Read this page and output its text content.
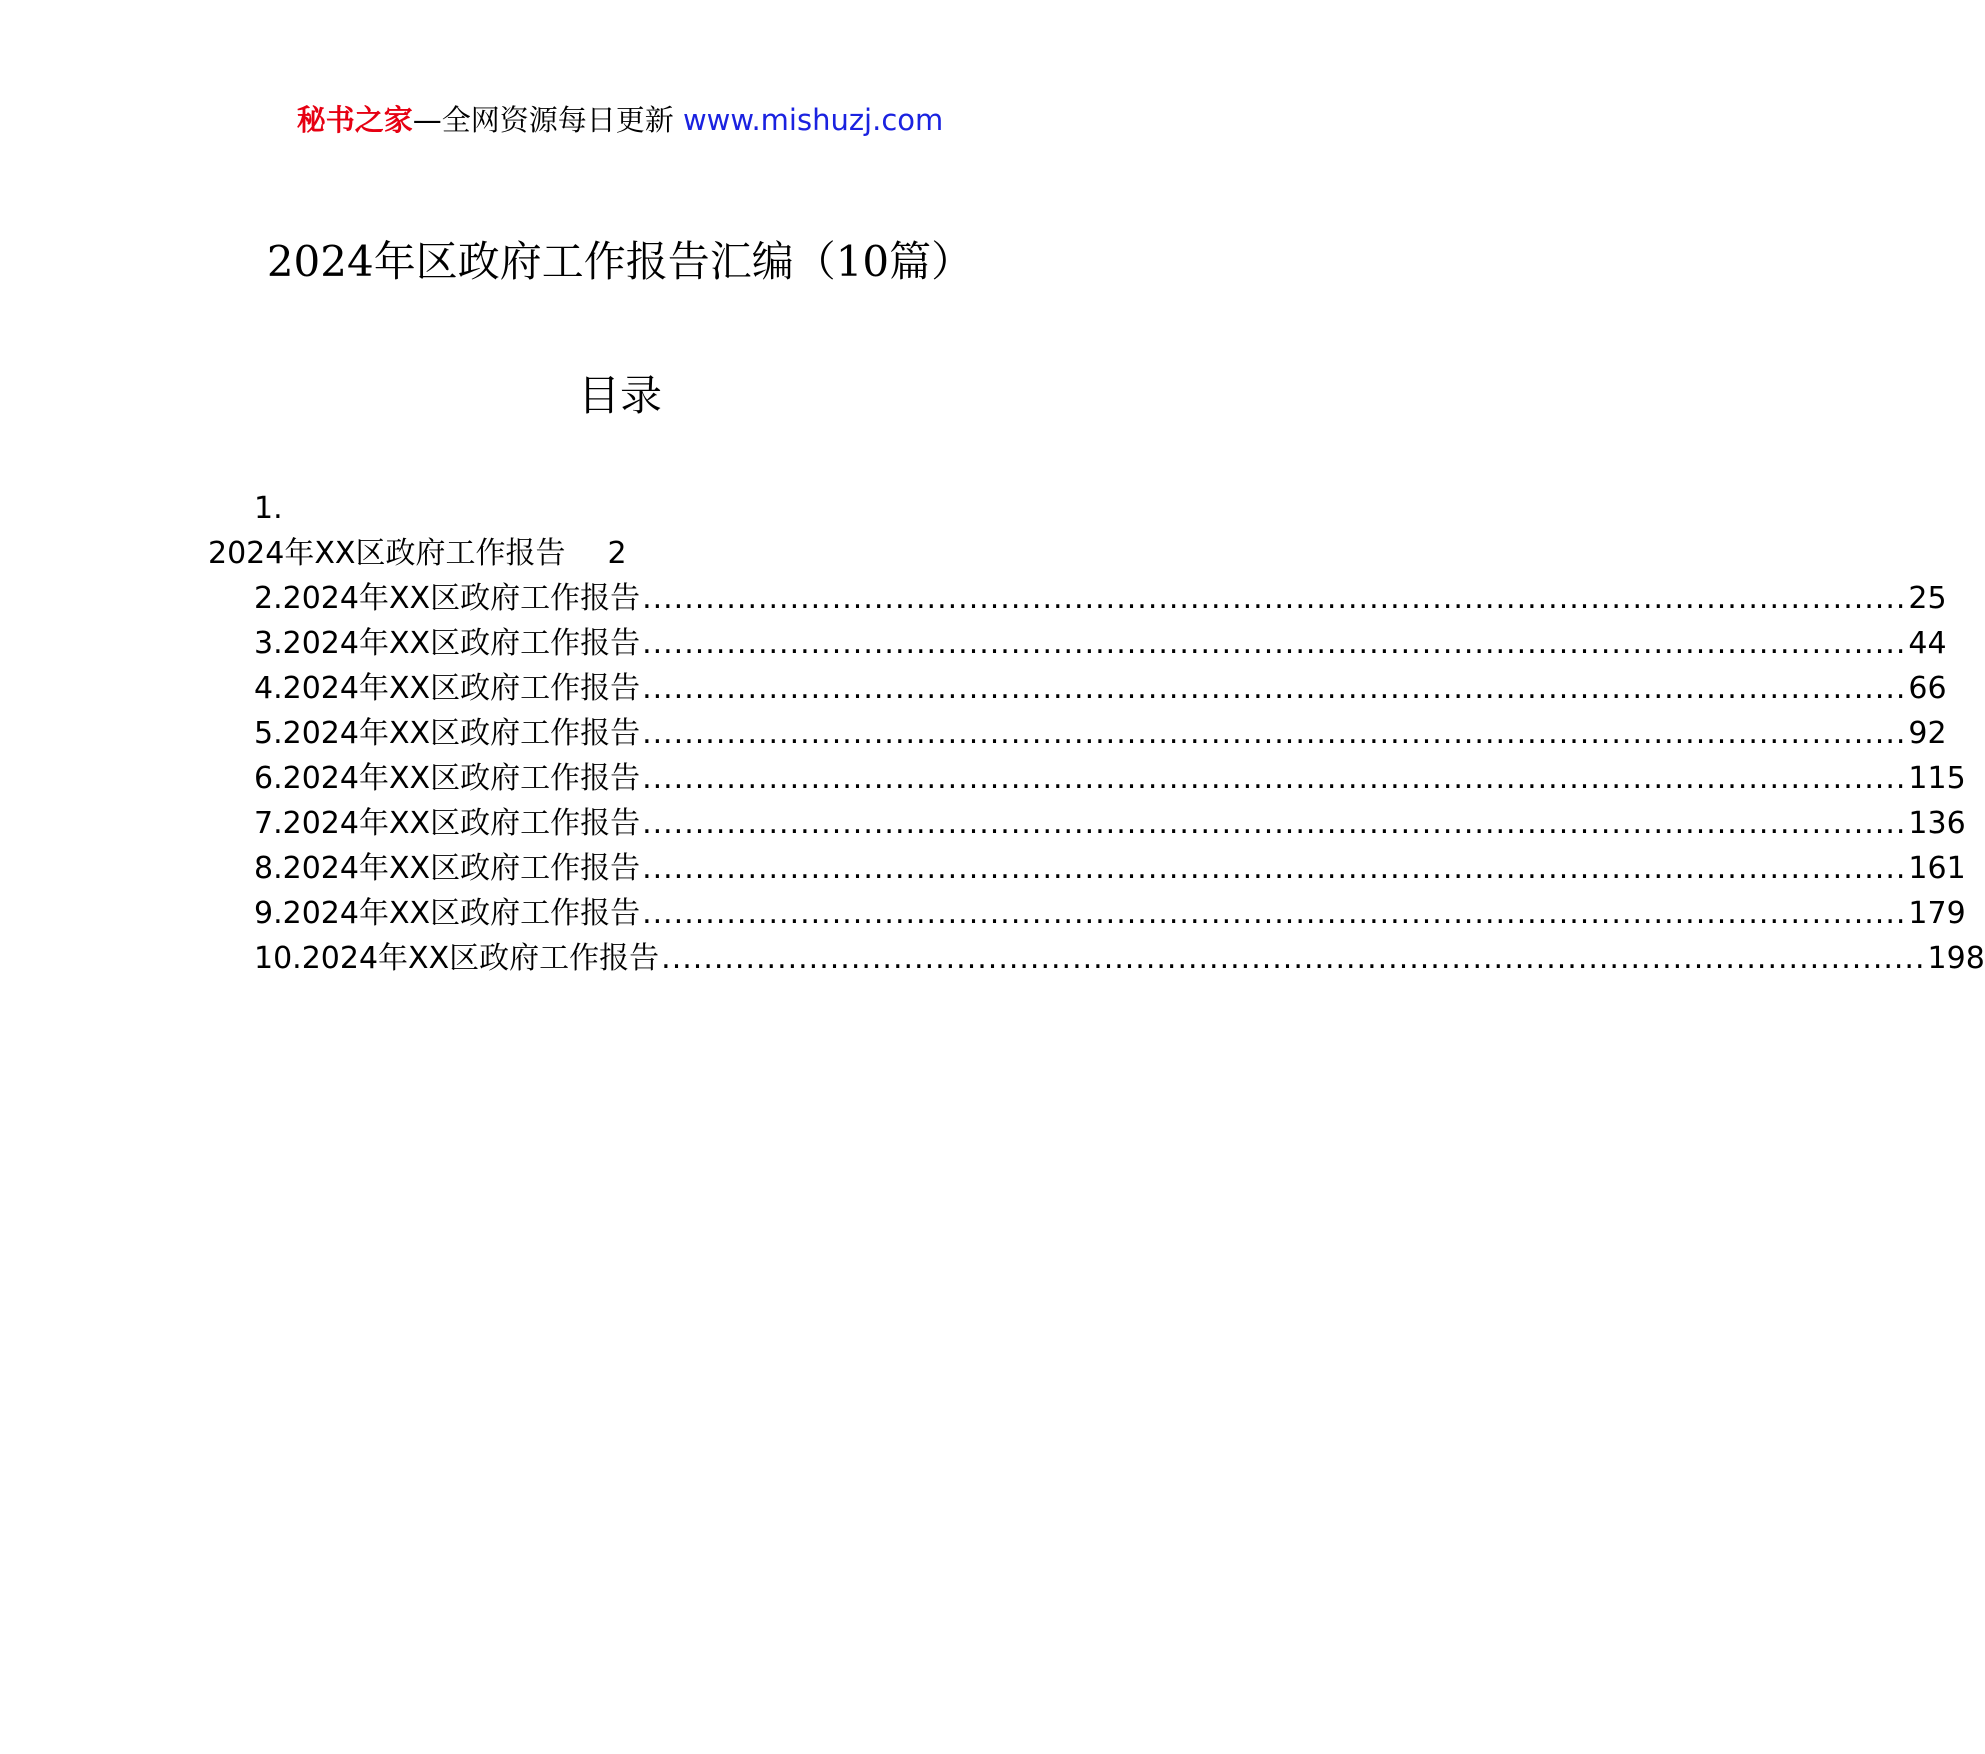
秘书之家—全网资源每日更新 www.mishuzj.com
2024年区政府工作报告汇编（10篇）
目录
1.
2024年XX区政府工作报告 2
2.2024年XX区政府工作报告 ........................................................................................................................ 25
3.2024年XX区政府工作报告 ........................................................................................................................ 44
4.2024年XX区政府工作报告 ........................................................................................................................ 66
5.2024年XX区政府工作报告 ........................................................................................................................ 92
6.2024年XX区政府工作报告 ........................................................................................................................ 115
7.2024年XX区政府工作报告 ........................................................................................................................ 136
8.2024年XX区政府工作报告 ........................................................................................................................ 161
9.2024年XX区政府工作报告 ........................................................................................................................ 179
10.2024年XX区政府工作报告 ........................................................................................................................ 198
